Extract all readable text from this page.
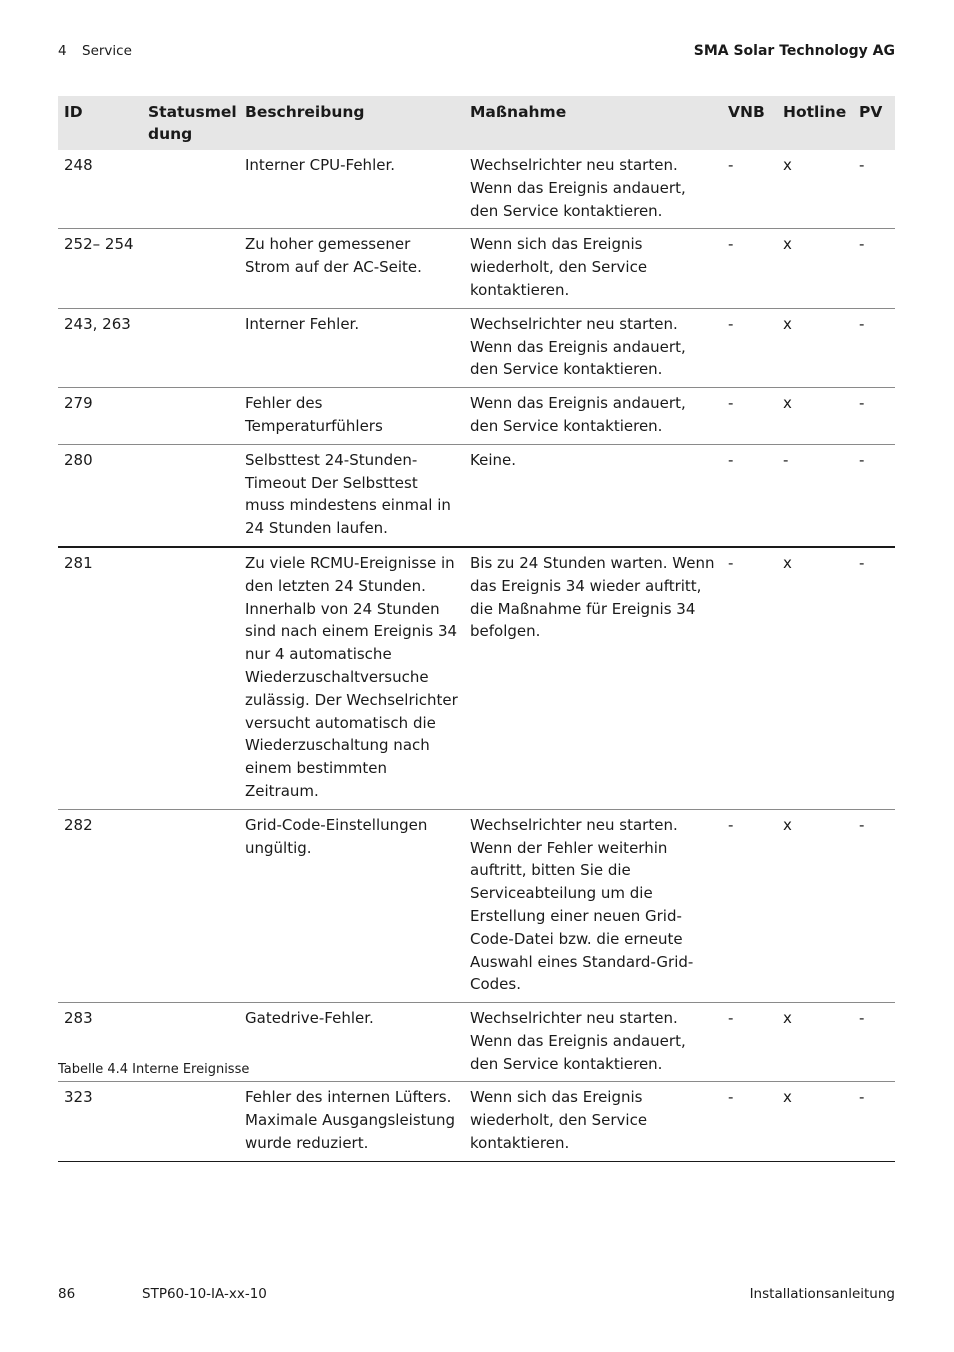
4 Service	SMA Solar Technology AG
ID	Statusmel dung	Beschreibung	Maßnahme	VNB	Hotline	PV
248		Interner CPU-Fehler.	Wechselrichter neu starten. Wenn das Ereignis andauert, den Service kontaktieren.	-	x	-
252– 254		Zu hoher gemessener Strom auf der AC-Seite.	Wenn sich das Ereignis wiederholt, den Service kontaktieren.	-	x	-
243, 263		Interner Fehler.	Wechselrichter neu starten. Wenn das Ereignis andauert, den Service kontaktieren.	-	x	-
279		Fehler des Temperaturfühlers	Wenn das Ereignis andauert, den Service kontaktieren.	-	x	-
280		Selbsttest 24-Stunden-Timeout Der Selbsttest muss mindestens einmal in 24 Stunden laufen.	Keine.	-	-	-
281		Zu viele RCMU-Ereignisse in den letzten 24 Stunden. Innerhalb von 24 Stunden sind nach einem Ereignis 34 nur 4 automatische Wiederzuschaltversuche zulässig. Der Wechselrichter versucht automatisch die Wiederzuschaltung nach einem bestimmten Zeitraum.	Bis zu 24 Stunden warten. Wenn das Ereignis 34 wieder auftritt, die Maßnahme für Ereignis 34 befolgen.	-	x	-
282		Grid-Code-Einstellungen ungültig.	Wechselrichter neu starten. Wenn der Fehler weiterhin auftritt, bitten Sie die Serviceabteilung um die Erstellung einer neuen Grid-Code-Datei bzw. die erneute Auswahl eines Standard-Grid-Codes.	-	x	-
283		Gatedrive-Fehler.	Wechselrichter neu starten. Wenn das Ereignis andauert, den Service kontaktieren.	-	x	-
323		Fehler des internen Lüfters. Maximale Ausgangsleistung wurde reduziert.	Wenn sich das Ereignis wiederholt, den Service kontaktieren.	-	x	-
Tabelle 4.4 Interne Ereignisse
86	STP60-10-IA-xx-10	Installationsanleitung
